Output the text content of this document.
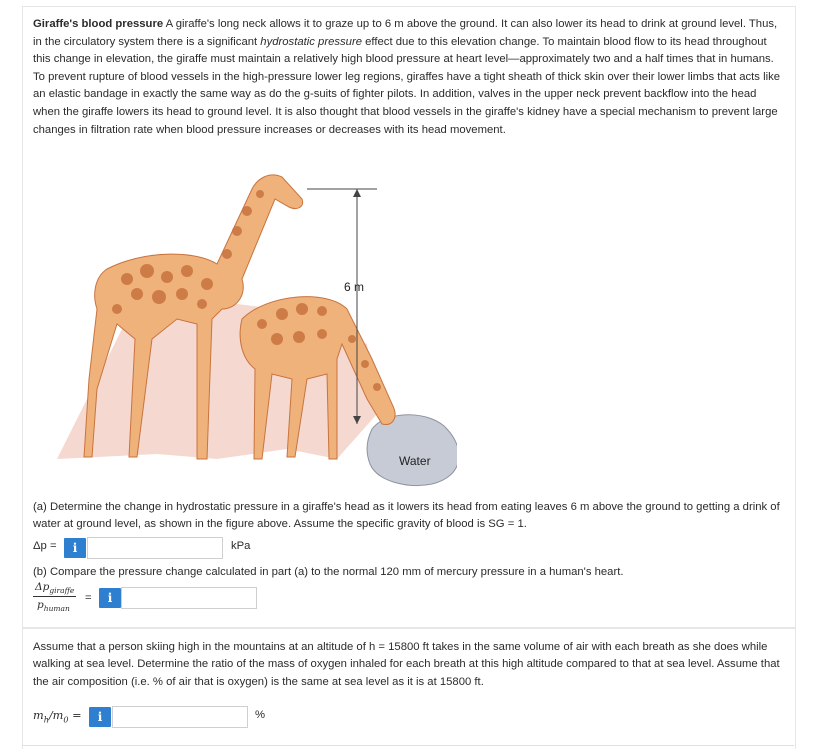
Giraffe's blood pressure A giraffe's long neck allows it to graze up to 6 m above the ground. It can also lower its head to drink at ground level. Thus, in the circulatory system there is a significant hydrostatic pressure effect due to this elevation change. To maintain blood flow to its head throughout this change in elevation, the giraffe must maintain a relatively high blood pressure at heart level—approximately two and a half times that in humans. To prevent rupture of blood vessels in the high-pressure lower leg regions, giraffes have a tight sheath of thick skin over their lower limbs that acts like an elastic bandage in exactly the same way as do the g-suits of fighter pilots. In addition, valves in the upper neck prevent backflow into the head when the giraffe lowers its head to ground level. It is also thought that blood vessels in the giraffe's kidney have a special mechanism to prevent large changes in filtration rate when blood pressure increases or decreases with its head movement.
6 m
Water
(a) Determine the change in hydrostatic pressure in a giraffe's head as it lowers its head from eating leaves 6 m above the ground to getting a drink of water at ground level, as shown in the figure above. Assume the specific gravity of blood is SG = 1.
Δp =	i	kPa
(b) Compare the pressure change calculated in part (a) to the normal 120 mm of mercury pressure in a human's heart.
$\Delta p_{giraffe}$
$p_{human}$
=	i
Assume that a person skiing high in the mountains at an altitude of h = 15800 ft takes in the same volume of air with each breath as she does while walking at sea level. Determine the ratio of the mass of oxygen inhaled for each breath at this high altitude compared to that at sea level. Assume that the air composition (i.e. % of air that is oxygen) is the same at sea level as it is at 15800 ft.
$m_h/m_0$ =	i	%
